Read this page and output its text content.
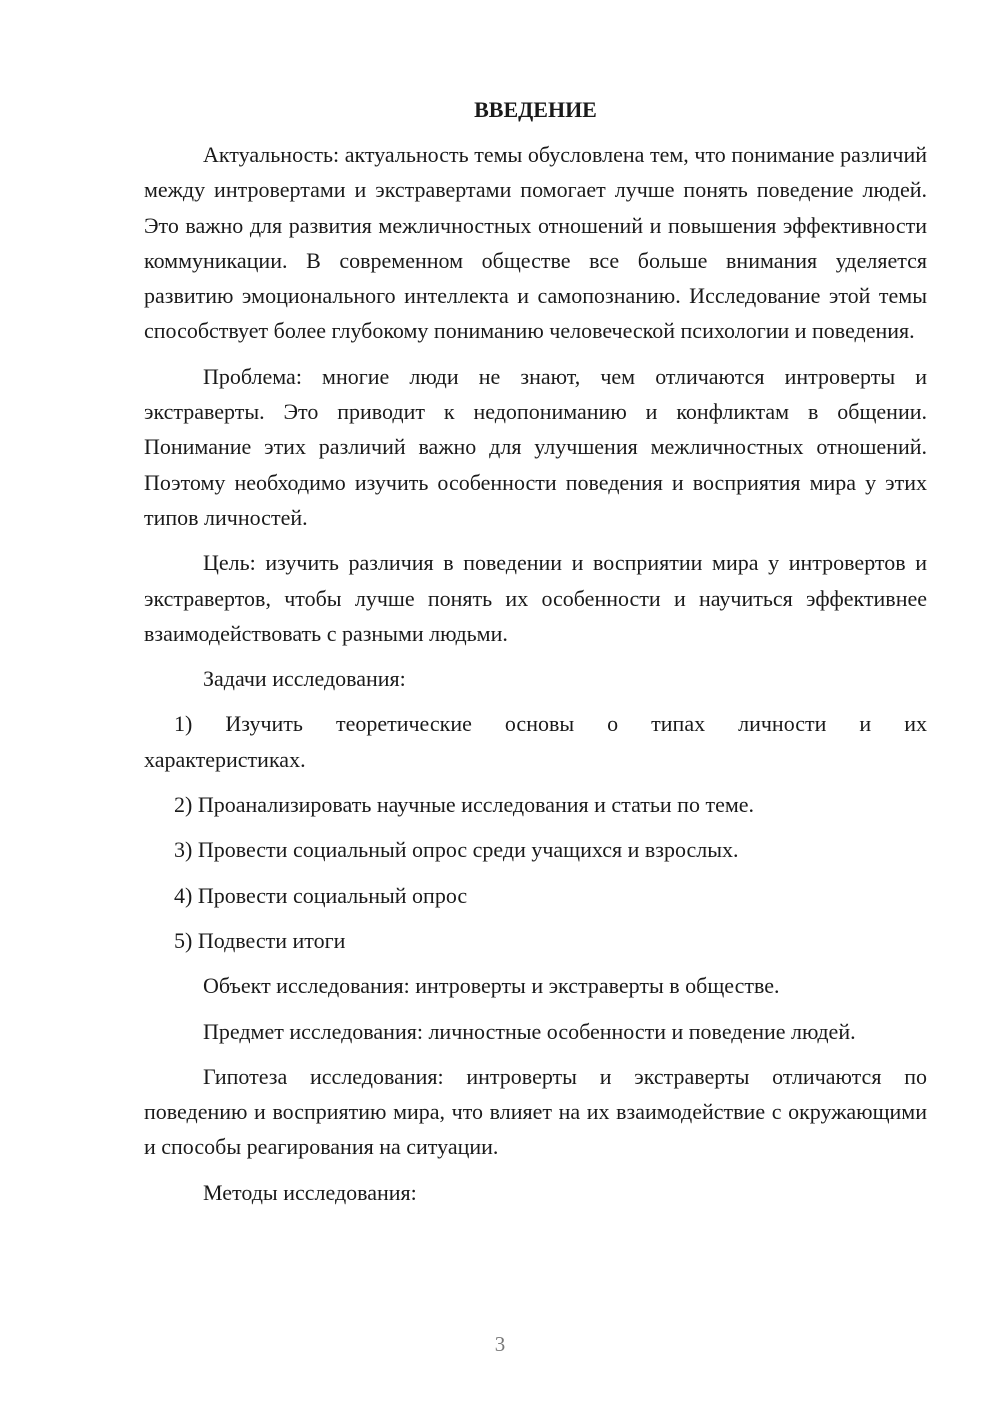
ВВЕДЕНИЕ

Актуальность: актуальность темы обусловлена тем, что понимание различий между интровертами и экстравертами помогает лучше понять поведение людей. Это важно для развития межличностных отношений и повышения эффективности коммуникации. В современном обществе все больше внимания уделяется развитию эмоционального интеллекта и самопознанию. Исследование этой темы способствует более глубокому пониманию человеческой психологии и поведения.

Проблема: многие люди не знают, чем отличаются интроверты и экстраверты. Это приводит к недопониманию и конфликтам в общении. Понимание этих различий важно для улучшения межличностных отношений. Поэтому необходимо изучить особенности поведения и восприятия мира у этих типов личностей.

Цель: изучить различия в поведении и восприятии мира у интровертов и экстравертов, чтобы лучше понять их особенности и научиться эффективнее взаимодействовать с разными людьми.

Задачи исследования:

1) Изучить теоретические основы о типах личности и их характеристиках.

2) Проанализировать научные исследования и статьи по теме.

3) Провести социальный опрос среди учащихся и взрослых.

4) Провести социальный опрос

5) Подвести итоги

Объект исследования: интроверты и экстраверты в обществе.

Предмет исследования: личностные особенности и поведение людей.

Гипотеза исследования: интроверты и экстраверты отличаются по поведению и восприятию мира, что влияет на их взаимодействие с окружающими и способы реагирования на ситуации.

Методы исследования:

3
